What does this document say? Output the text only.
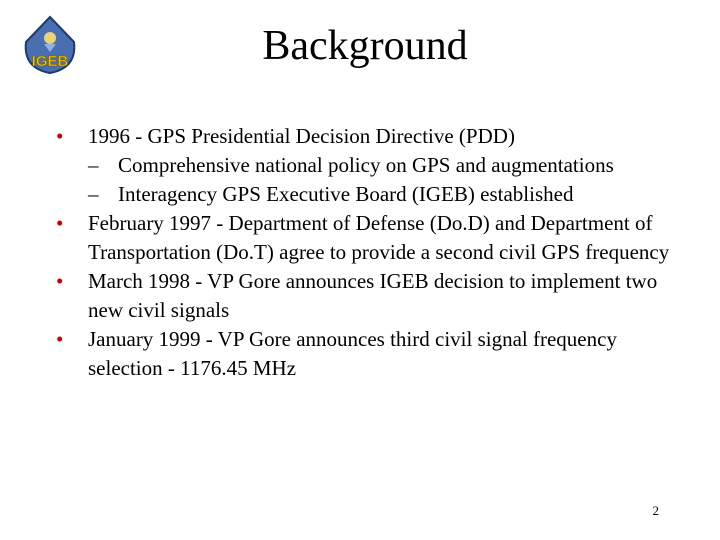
IGEB	Background
• 1996 - GPS Presidential Decision Directive (PDD)
– Comprehensive national policy on GPS and augmentations
– Interagency GPS Executive Board (IGEB) established
• February 1997 - Department of Defense (Do.D) and Department of Transportation (Do.T) agree to provide a second civil GPS frequency
• March 1998 - VP Gore announces IGEB decision to implement two new civil signals
• January 1999 - VP Gore announces third civil signal frequency selection - 1176.45 MHz
2
